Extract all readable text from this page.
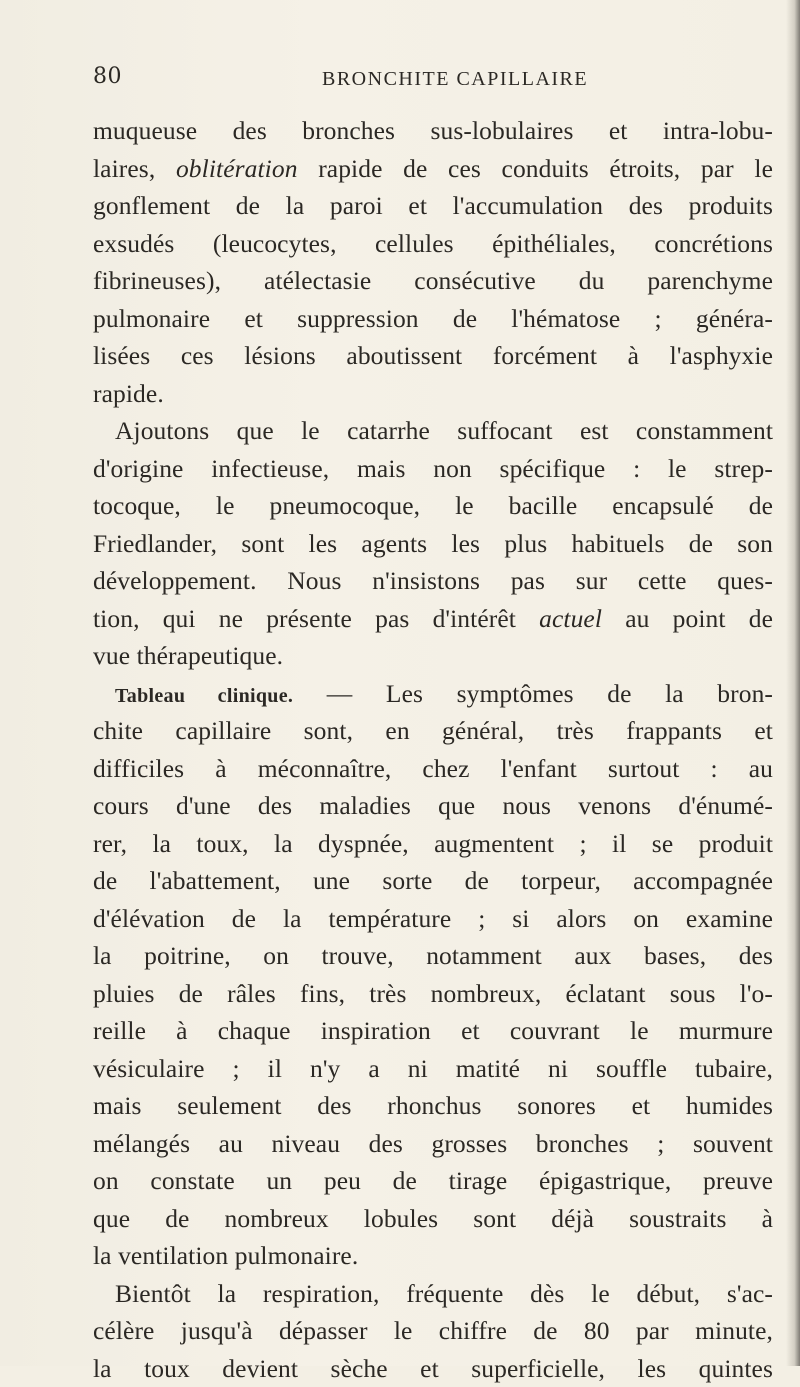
80	BRONCHITE CAPILLAIRE
muqueuse des bronches sus-lobulaires et intra-lobu-
laires, oblitération rapide de ces conduits étroits, par le
gonflement de la paroi et l'accumulation des produits
exsudés (leucocytes, cellules épithéliales, concrétions
fibrineuses), atélectasie consécutive du parenchyme
pulmonaire et suppression de l'hématose ; généra-
lisées ces lésions aboutissent forcément à l'asphyxie
rapide.
Ajoutons que le catarrhe suffocant est constamment
d'origine infectieuse, mais non spécifique : le strep-
tocoque, le pneumocoque, le bacille encapsulé de
Friedlander, sont les agents les plus habituels de son
développement. Nous n'insistons pas sur cette ques-
tion, qui ne présente pas d'intérêt actuel au point de
vue thérapeutique.
Tableau clinique. — Les symptômes de la bron-
chite capillaire sont, en général, très frappants et
difficiles à méconnaître, chez l'enfant surtout : au
cours d'une des maladies que nous venons d'énumé-
rer, la toux, la dyspnée, augmentent ; il se produit
de l'abattement, une sorte de torpeur, accompagnée
d'élévation de la température ; si alors on examine
la poitrine, on trouve, notamment aux bases, des
pluies de râles fins, très nombreux, éclatant sous l'o-
reille à chaque inspiration et couvrant le murmure
vésiculaire ; il n'y a ni matité ni souffle tubaire,
mais seulement des rhonchus sonores et humides
mélangés au niveau des grosses bronches ; souvent
on constate un peu de tirage épigastrique, preuve
que de nombreux lobules sont déjà soustraits à
la ventilation pulmonaire.
Bientôt la respiration, fréquente dès le début, s'ac-
célère jusqu'à dépasser le chiffre de 80 par minute,
la toux devient sèche et superficielle, les quintes
